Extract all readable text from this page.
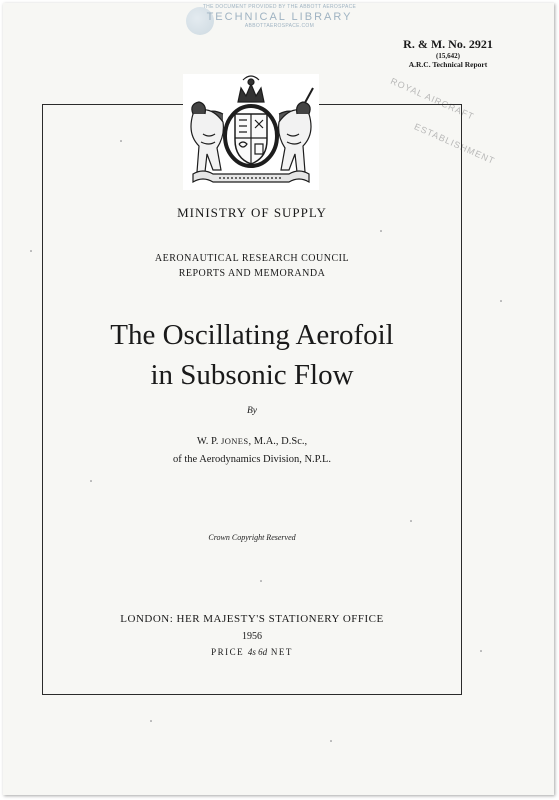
THE DOCUMENT PROVIDED BY THE ABBOTT AEROSPACE
TECHNICAL LIBRARY
ABBOTTAEROSPACE.COM
R. & M. No. 2921
(15,642)
A.R.C. Technical Report
ROYAL AIRCRAFT
ESTABLISHMENT
MINISTRY OF SUPPLY
AERONAUTICAL RESEARCH COUNCIL
REPORTS AND MEMORANDA
The Oscillating Aerofoil
in Subsonic Flow
By
W. P. JONES, M.A., D.Sc.,
of the Aerodynamics Division, N.P.L.
Crown Copyright Reserved
LONDON: HER MAJESTY'S STATIONERY OFFICE
1956
PRICE 4s 6d NET
